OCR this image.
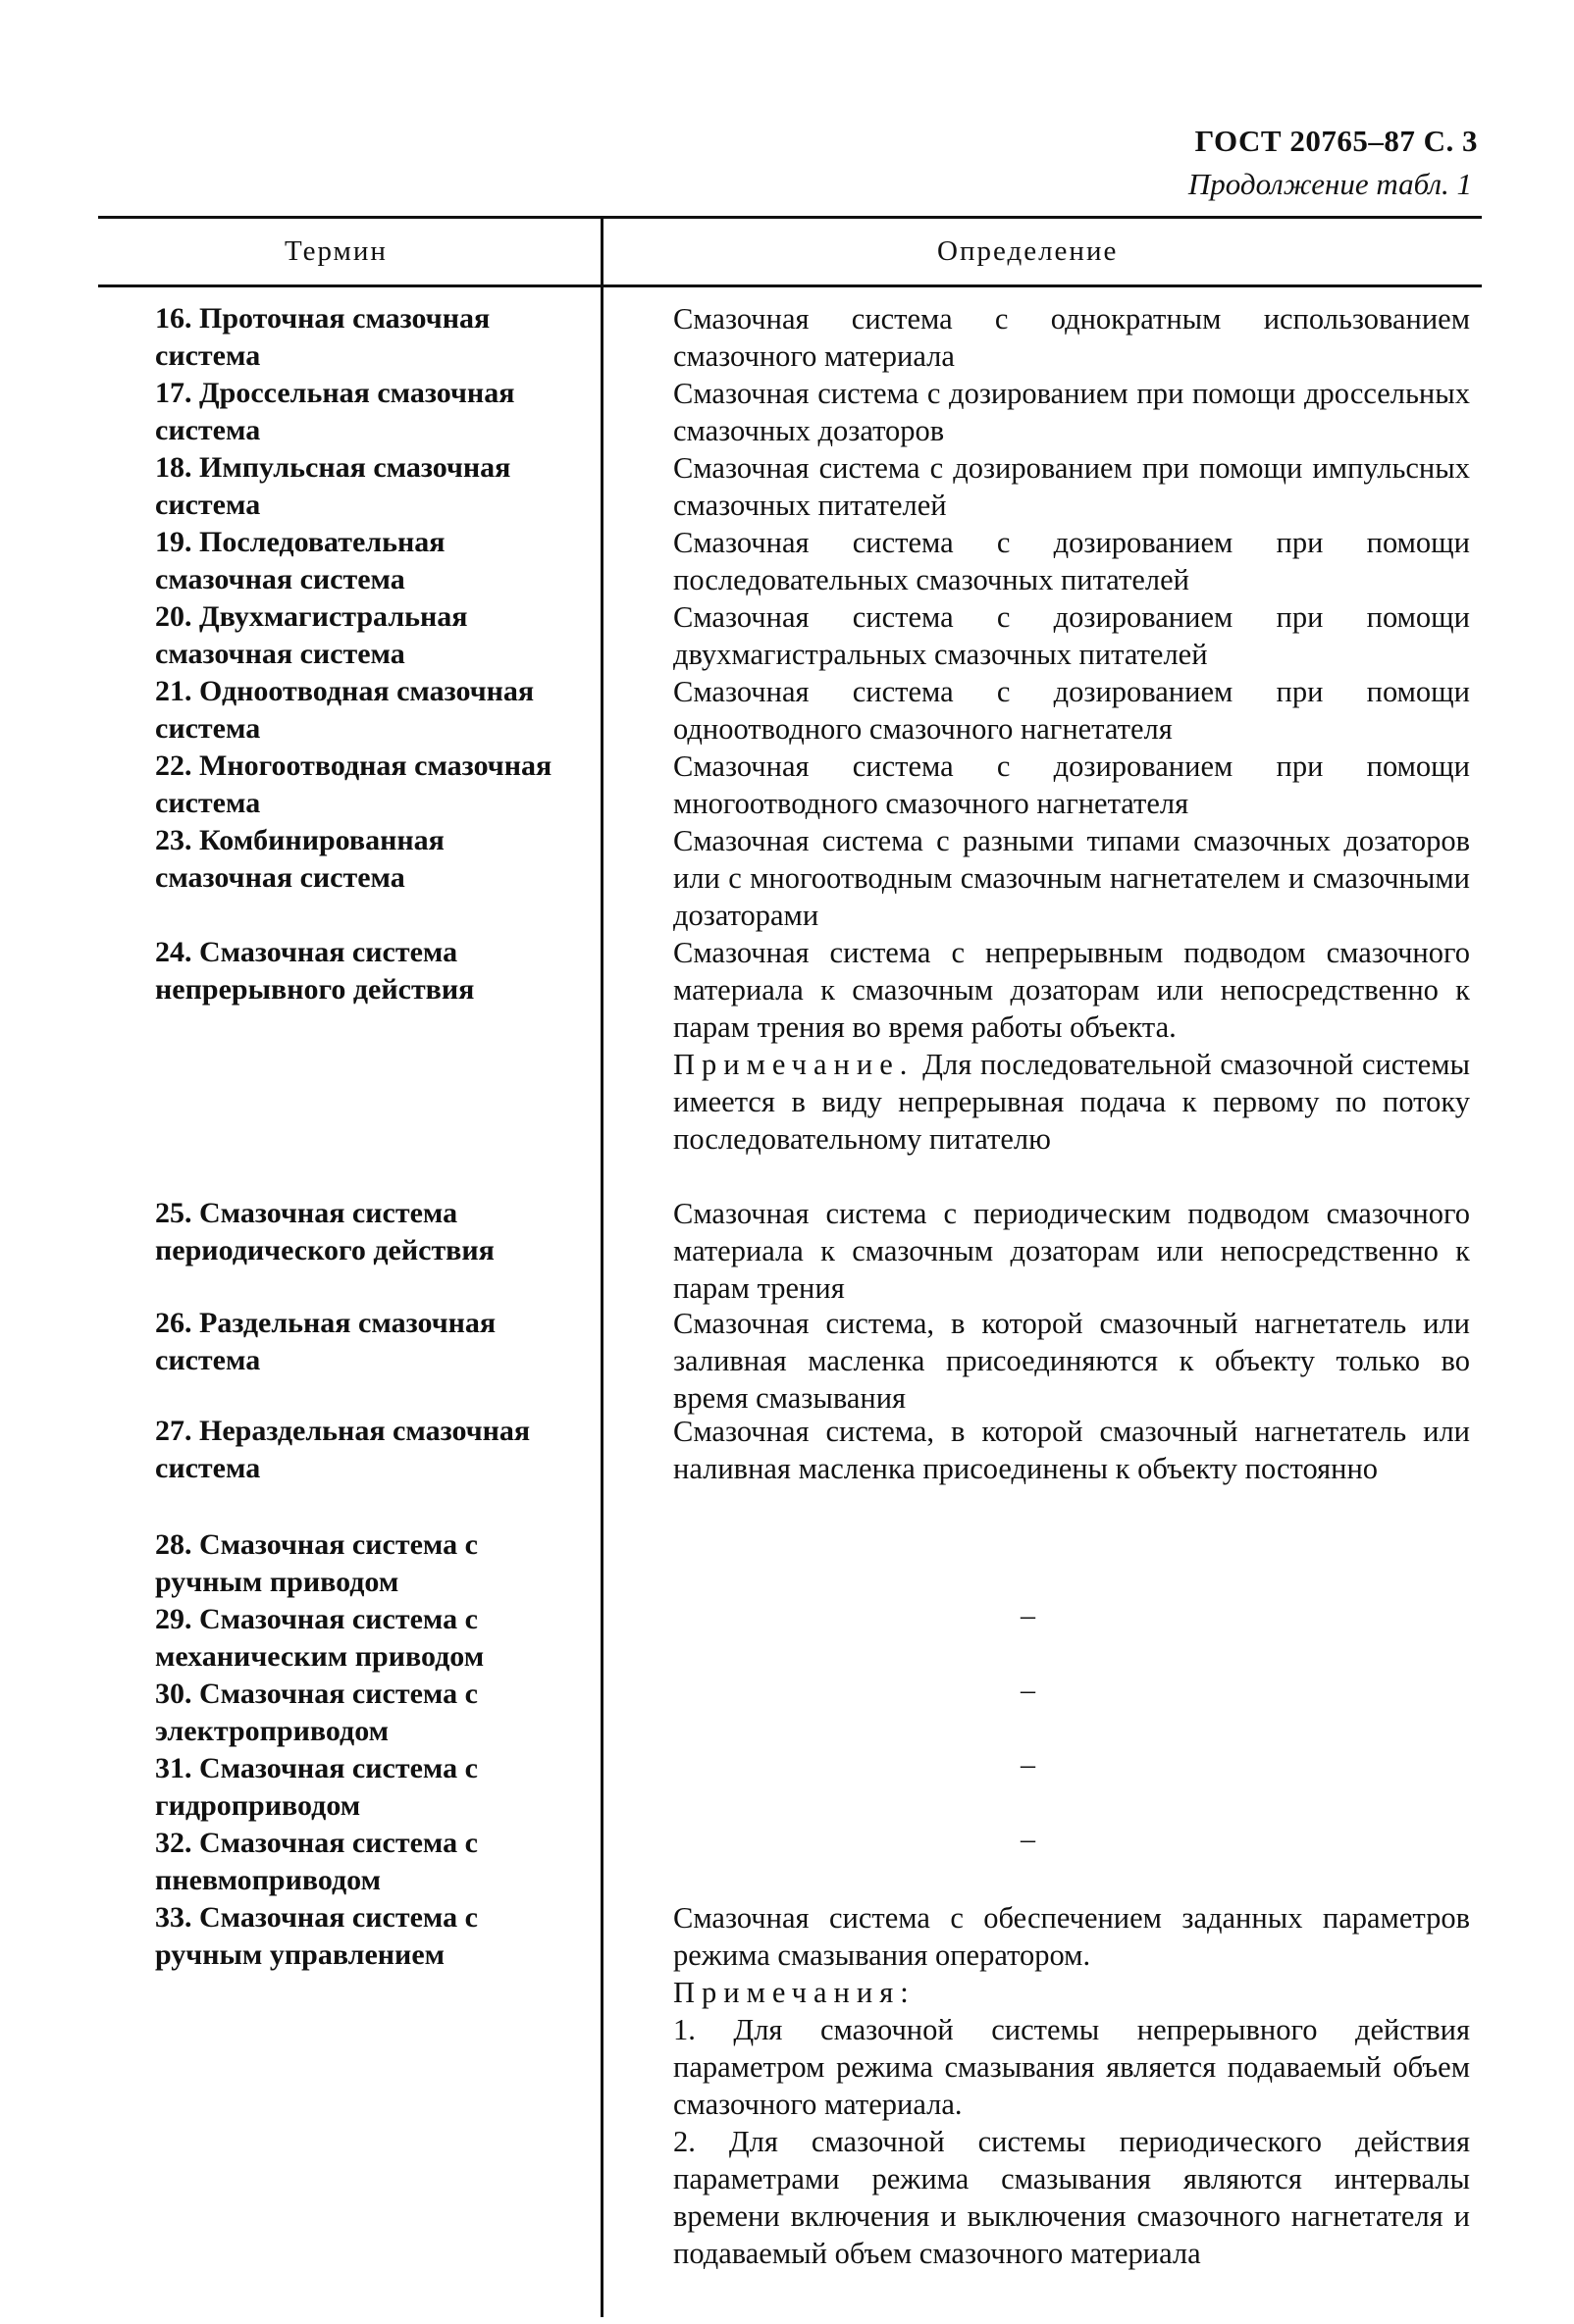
ГОСТ 20765–87 С. 3
Продолжение табл. 1
Термин	Определение
16. Проточная смазочная система
Смазочная система с однократным использованием смазочного материала
17. Дроссельная смазочная система
Смазочная система с дозированием при помощи дроссельных смазочных дозаторов
18. Импульсная смазочная система
Смазочная система с дозированием при помощи импульсных смазочных питателей
19. Последовательная смазочная система
Смазочная система с дозированием при помощи последовательных смазочных питателей
20. Двухмагистральная смазочная система
Смазочная система с дозированием при помощи двухмагистральных смазочных питателей
21. Одноотводная смазочная система
Смазочная система с дозированием при помощи одноотводного смазочного нагнетателя
22. Многоотводная смазочная система
Смазочная система с дозированием при помощи многоотводного смазочного нагнетателя
23. Комбинированная смазочная система
Смазочная система с разными типами смазочных дозаторов или с многоотводным смазочным нагнетателем и смазочными дозаторами
24. Смазочная система непрерывного действия
Смазочная система с непрерывным подводом смазочного материала к смазочным дозаторам или непосредственно к парам трения во время работы объекта.
Примечание. Для последовательной смазочной системы имеется в виду непрерывная подача к первому по потоку последовательному питателю
25. Смазочная система периодического действия
Смазочная система с периодическим подводом смазочного материала к смазочным дозаторам или непосредственно к парам трения
26. Раздельная смазочная система
Смазочная система, в которой смазочный нагнетатель или заливная масленка присоединяются к объекту только во время смазывания
27. Нераздельная смазочная система
Смазочная система, в которой смазочный нагнетатель или наливная масленка присоединены к объекту постоянно
28. Смазочная система с ручным приводом
29. Смазочная система с механическим приводом
30. Смазочная система с электроприводом
31. Смазочная система с гидроприводом
32. Смазочная система с пневмоприводом
–
–
–
–
33. Смазочная система с ручным управлением
Смазочная система с обеспечением заданных параметров режима смазывания оператором.
Примечания:
1. Для смазочной системы непрерывного действия параметром режима смазывания является подаваемый объем смазочного материала.
2. Для смазочной системы периодического действия параметрами режима смазывания являются интервалы времени включения и выключения смазочного нагнетателя и подаваемый объем смазочного материала
